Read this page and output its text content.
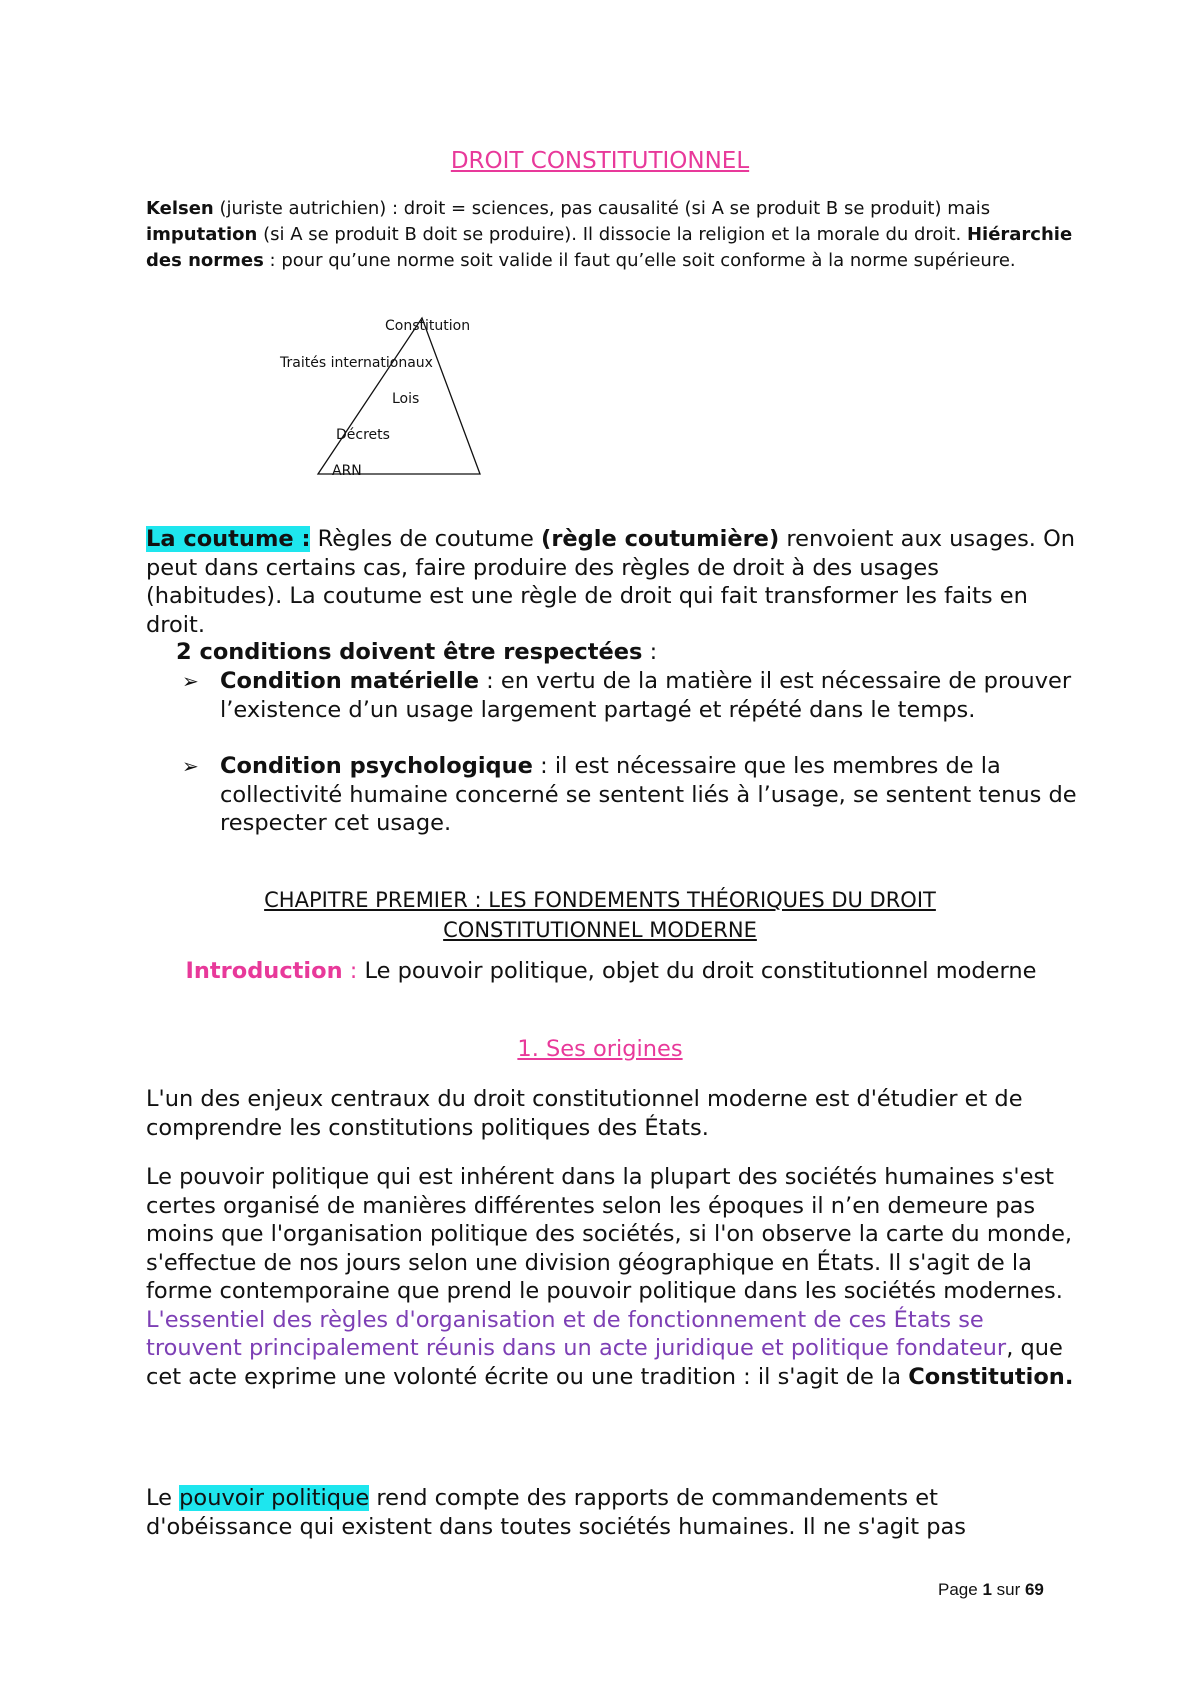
DROIT CONSTITUTIONNEL
Kelsen (juriste autrichien) : droit = sciences, pas causalité (si A se produit B se produit) mais imputation (si A se produit B doit se produire). Il dissocie la religion et la morale du droit. Hiérarchie des normes : pour qu’une norme soit valide il faut qu’elle soit conforme à la norme supérieure.
Constitution
Traités internationaux
Lois
Décrets
ARN
La coutume : Règles de coutume (règle coutumière) renvoient aux usages. On peut dans certains cas, faire produire des règles de droit à des usages (habitudes). La coutume est une règle de droit qui fait transformer les faits en droit.
2 conditions doivent être respectées :
➢ Condition matérielle : en vertu de la matière il est nécessaire de prouver l’existence d’un usage largement partagé et répété dans le temps.
➢ Condition psychologique : il est nécessaire que les membres de la collectivité humaine concerné se sentent liés à l’usage, se sentent tenus de respecter cet usage.
CHAPITRE PREMIER : LES FONDEMENTS THÉORIQUES DU DROIT
CONSTITUTIONNEL MODERNE
Introduction : Le pouvoir politique, objet du droit constitutionnel moderne
1. Ses origines
L'un des enjeux centraux du droit constitutionnel moderne est d'étudier et de comprendre les constitutions politiques des États.
Le pouvoir politique qui est inhérent dans la plupart des sociétés humaines s'est certes organisé de manières différentes selon les époques il n’en demeure pas moins que l'organisation politique des sociétés, si l'on observe la carte du monde, s'effectue de nos jours selon une division géographique en États. Il s'agit de la forme contemporaine que prend le pouvoir politique dans les sociétés modernes. L'essentiel des règles d'organisation et de fonctionnement de ces États se trouvent principalement réunis dans un acte juridique et politique fondateur, que cet acte exprime une volonté écrite ou une tradition : il s'agit de la Constitution.
Le pouvoir politique rend compte des rapports de commandements et d'obéissance qui existent dans toutes sociétés humaines. Il ne s'agit pas
Page 1 sur 69
